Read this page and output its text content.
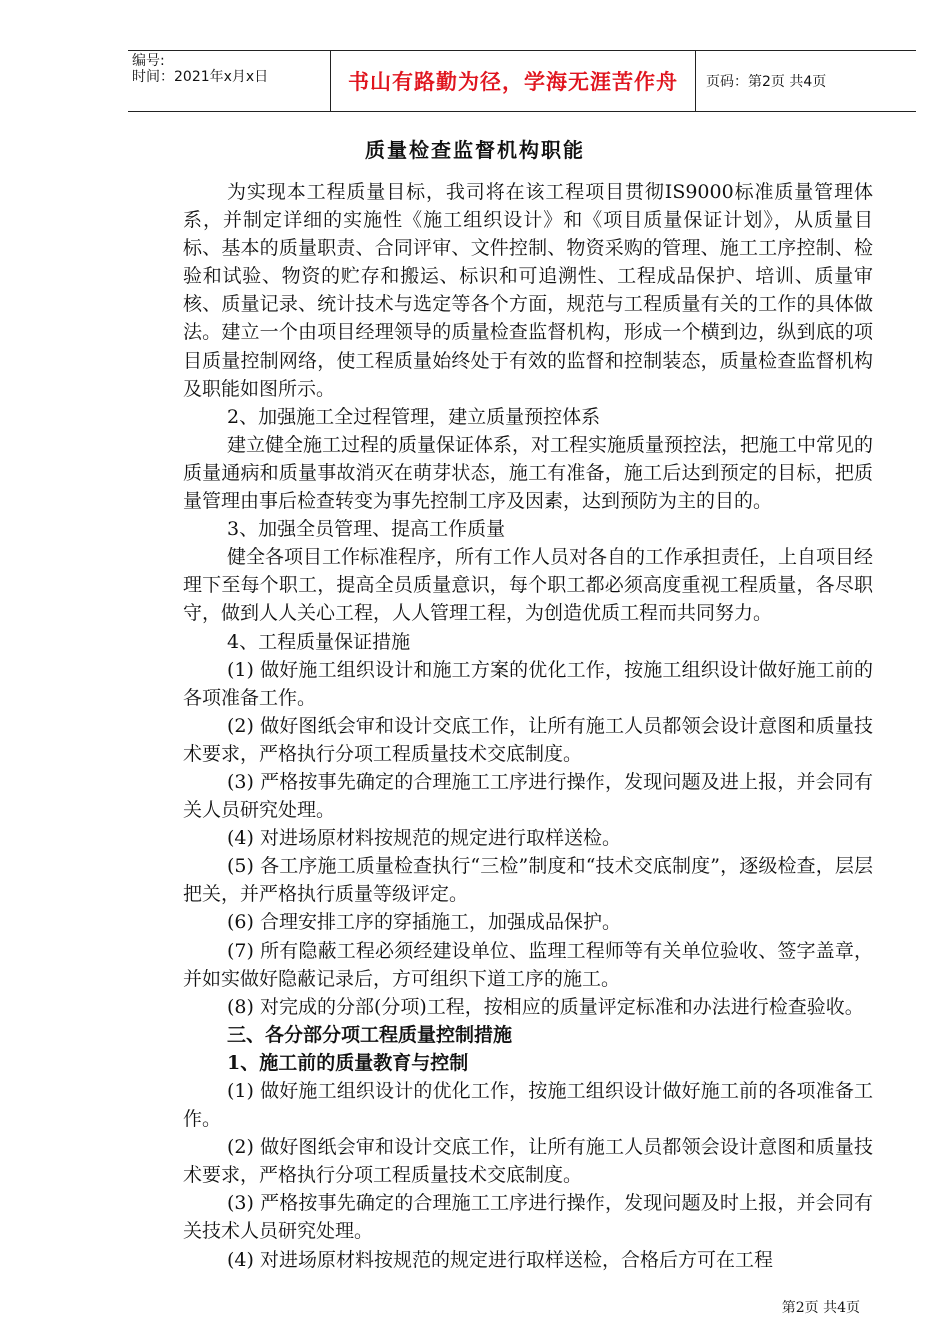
编号:
时间：2021年x月x日	书山有路勤为径，学海无涯苦作舟	页码：第2页 共4页
质量检查监督机构职能

为实现本工程质量目标，我司将在该工程项目贯彻IS9000标准质量管理体系，并制定详细的实施性《施工组织设计》和《项目质量保证计划》，从质量目标、基本的质量职责、合同评审、文件控制、物资采购的管理、施工工序控制、检验和试验、物资的贮存和搬运、标识和可追溯性、工程成品保护、培训、质量审核、质量记录、统计技术与选定等各个方面，规范与工程质量有关的工作的具体做法。建立一个由项目经理领导的质量检查监督机构，形成一个横到边，纵到底的项目质量控制网络，使工程质量始终处于有效的监督和控制装态，质量检查监督机构及职能如图所示。

2、加强施工全过程管理，建立质量预控体系

建立健全施工过程的质量保证体系，对工程实施质量预控法，把施工中常见的质量通病和质量事故消灭在萌芽状态，施工有准备，施工后达到预定的目标，把质量管理由事后检查转变为事先控制工序及因素，达到预防为主的目的。

3、加强全员管理、提高工作质量

健全各项目工作标准程序，所有工作人员对各自的工作承担责任，上自项目经理下至每个职工，提高全员质量意识，每个职工都必须高度重视工程质量，各尽职守，做到人人关心工程，人人管理工程，为创造优质工程而共同努力。

4、工程质量保证措施

(1) 做好施工组织设计和施工方案的优化工作，按施工组织设计做好施工前的各项准备工作。

(2) 做好图纸会审和设计交底工作，让所有施工人员都领会设计意图和质量技术要求，严格执行分项工程质量技术交底制度。

(3) 严格按事先确定的合理施工工序进行操作，发现问题及进上报，并会同有关人员研究处理。

(4) 对进场原材料按规范的规定进行取样送检。

(5) 各工序施工质量检查执行“三检”制度和“技术交底制度”，逐级检查，层层把关，并严格执行质量等级评定。

(6) 合理安排工序的穿插施工，加强成品保护。

(7) 所有隐蔽工程必须经建设单位、监理工程师等有关单位验收、签字盖章，并如实做好隐蔽记录后，方可组织下道工序的施工。

(8) 对完成的分部(分项)工程，按相应的质量评定标准和办法进行检查验收。

三、各分部分项工程质量控制措施

1、施工前的质量教育与控制

(1) 做好施工组织设计的优化工作，按施工组织设计做好施工前的各项准备工作。

(2) 做好图纸会审和设计交底工作，让所有施工人员都领会设计意图和质量技术要求，严格执行分项工程质量技术交底制度。

(3) 严格按事先确定的合理施工工序进行操作，发现问题及时上报，并会同有关技术人员研究处理。

(4) 对进场原材料按规范的规定进行取样送检，合格后方可在工程

第2页 共4页
